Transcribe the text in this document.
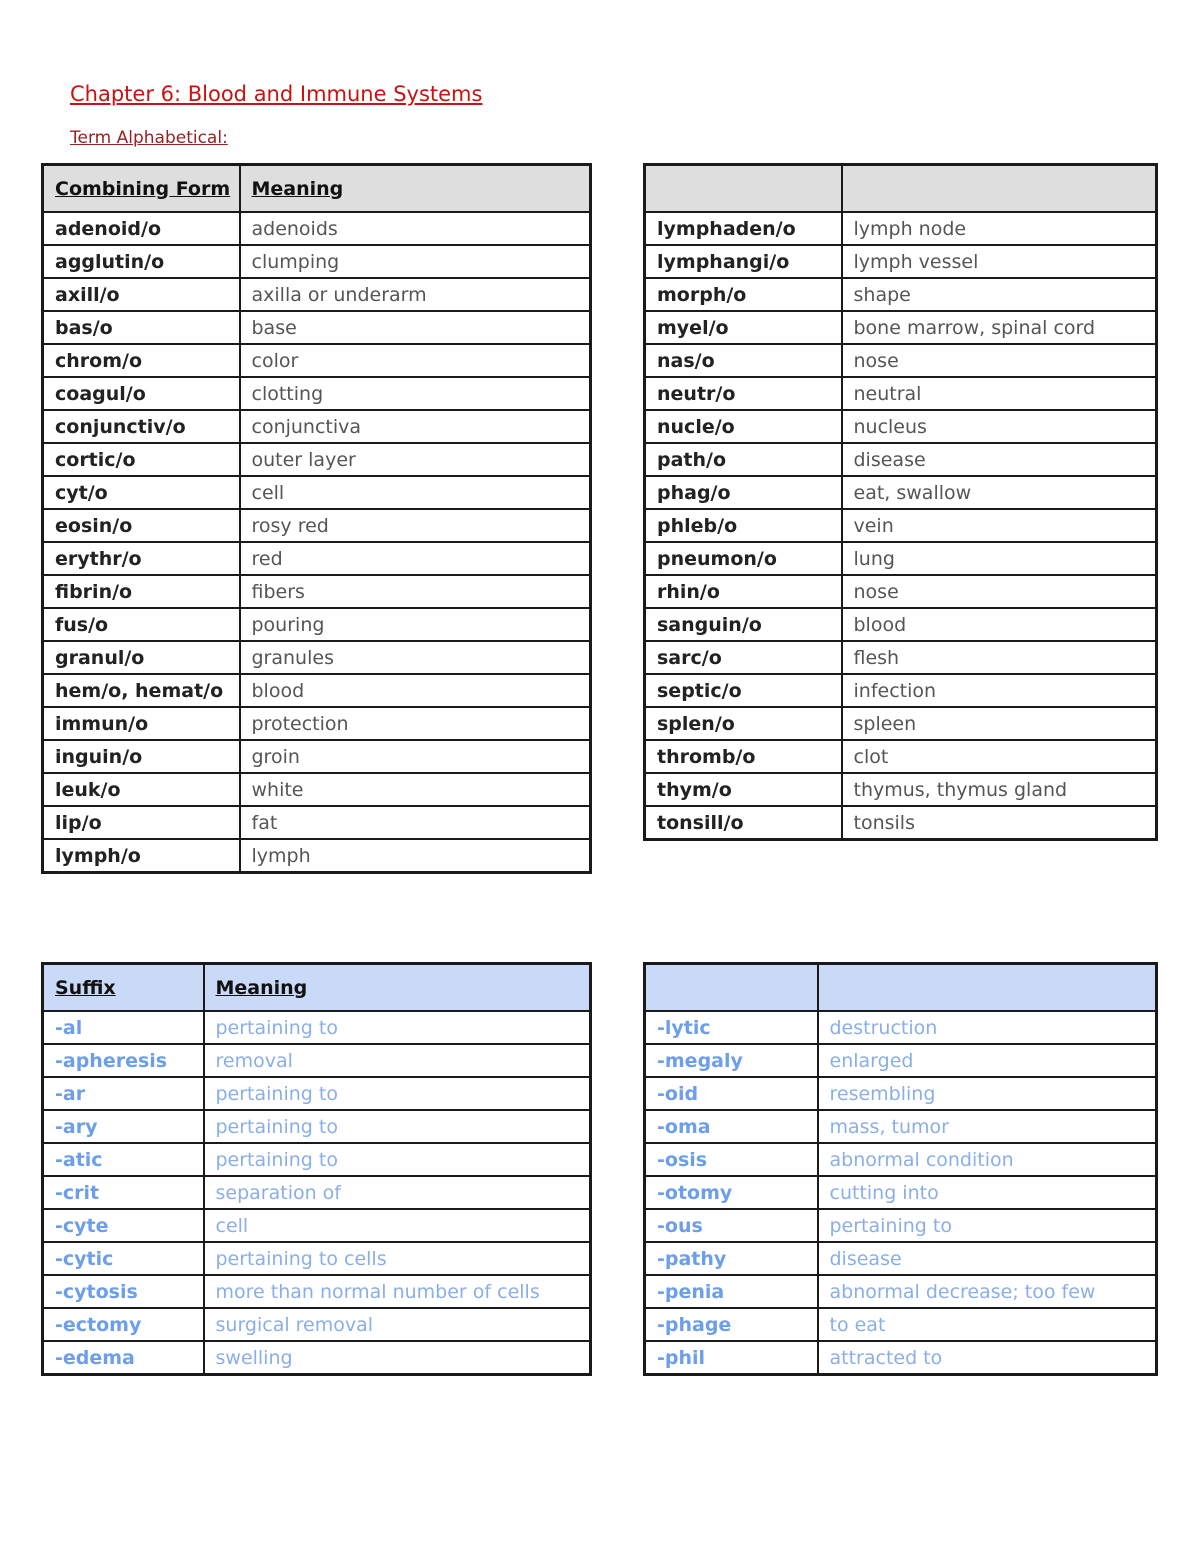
Chapter 6: Blood and Immune Systems
Term Alphabetical:
Combining Form	Meaning
adenoid/o	adenoids
agglutin/o	clumping
axill/o	axilla or underarm
bas/o	base
chrom/o	color
coagul/o	clotting
conjunctiv/o	conjunctiva
cortic/o	outer layer
cyt/o	cell
eosin/o	rosy red
erythr/o	red
fibrin/o	fibers
fus/o	pouring
granul/o	granules
hem/o, hemat/o	blood
immun/o	protection
inguin/o	groin
leuk/o	white
lip/o	fat
lymph/o	lymph

lymphaden/o	lymph node
lymphangi/o	lymph vessel
morph/o	shape
myel/o	bone marrow, spinal cord
nas/o	nose
neutr/o	neutral
nucle/o	nucleus
path/o	disease
phag/o	eat, swallow
phleb/o	vein
pneumon/o	lung
rhin/o	nose
sanguin/o	blood
sarc/o	flesh
septic/o	infection
splen/o	spleen
thromb/o	clot
thym/o	thymus, thymus gland
tonsill/o	tonsils
Suffix	Meaning
-al	pertaining to
-apheresis	removal
-ar	pertaining to
-ary	pertaining to
-atic	pertaining to
-crit	separation of
-cyte	cell
-cytic	pertaining to cells
-cytosis	more than normal number of cells
-ectomy	surgical removal
-edema	swelling

-lytic	destruction
-megaly	enlarged
-oid	resembling
-oma	mass, tumor
-osis	abnormal condition
-otomy	cutting into
-ous	pertaining to
-pathy	disease
-penia	abnormal decrease; too few
-phage	to eat
-phil	attracted to
